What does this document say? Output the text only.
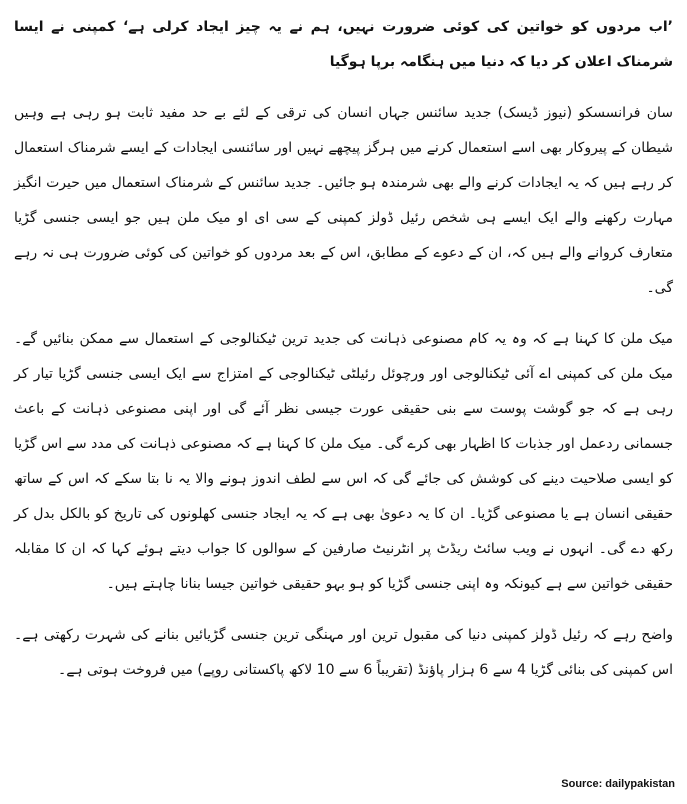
’اب مردوں کو خواتین کی کوئی ضرورت نہیں، ہم نے یہ چیز ایجاد کرلی ہے‘ کمپنی نے ایسا شرمناک اعلان کر دیا کہ دنیا میں ہنگامہ برپا ہوگیا

سان فرانسسکو (نیوز ڈیسک) جدید سائنس جہاں انسان کی ترقی کے لئے بے حد مفید ثابت ہو رہی ہے وہیں شیطان کے پیروکار بھی اسے استعمال کرنے میں ہرگز پیچھے نہیں اور سائنسی ایجادات کے ایسے شرمناک استعمال کر رہے ہیں کہ یہ ایجادات کرنے والے بھی شرمندہ ہو جائیں۔ جدید سائنس کے شرمناک استعمال میں حیرت انگیز مہارت رکھنے والے ایک ایسے ہی شخص رئیل ڈولز کمپنی کے سی ای او میک ملن ہیں جو ایسی جنسی گڑیا متعارف کروانے والے ہیں کہ، ان کے دعوے کے مطابق، اس کے بعد مردوں کو خواتین کی کوئی ضرورت ہی نہ رہے گی۔

میک ملن کا کہنا ہے کہ وہ یہ کام مصنوعی ذہانت کی جدید ترین ٹیکنالوجی کے استعمال سے ممکن بنائیں گے۔ میک ملن کی کمپنی اے آئی ٹیکنالوجی اور ورچوئل رئیلٹی ٹیکنالوجی کے امتزاج سے ایک ایسی جنسی گڑیا تیار کر رہی ہے کہ جو گوشت پوست سے بنی حقیقی عورت جیسی نظر آئے گی اور اپنی مصنوعی ذہانت کے باعث جسمانی ردعمل اور جذبات کا اظہار بھی کرے گی۔ میک ملن کا کہنا ہے کہ مصنوعی ذہانت کی مدد سے اس گڑیا کو ایسی صلاحیت دینے کی کوشش کی جائے گی کہ اس سے لطف اندوز ہونے والا یہ نا بتا سکے کہ اس کے ساتھ حقیقی انسان ہے یا مصنوعی گڑیا۔ ان کا یہ دعویٰ بھی ہے کہ یہ ایجاد جنسی کھلونوں کی تاریخ کو بالکل بدل کر رکھ دے گی۔ انہوں نے ویب سائٹ ریڈٹ پر انٹرنیٹ صارفین کے سوالوں کا جواب دیتے ہوئے کہا کہ ان کا مقابلہ حقیقی خواتین سے ہے کیونکہ وہ اپنی جنسی گڑیا کو ہو بہو حقیقی خواتین جیسا بنانا چاہتے ہیں۔

واضح رہے کہ رئیل ڈولز کمپنی دنیا کی مقبول ترین اور مہنگی ترین جنسی گڑیائیں بنانے کی شہرت رکھتی ہے۔ اس کمپنی کی بنائی گڑیا 4 سے 6 ہزار پاﺅنڈ (تقریباً 6 سے 10 لاکھ پاکستانی روپے) میں فروخت ہوتی ہے۔

Source: dailypakistan
